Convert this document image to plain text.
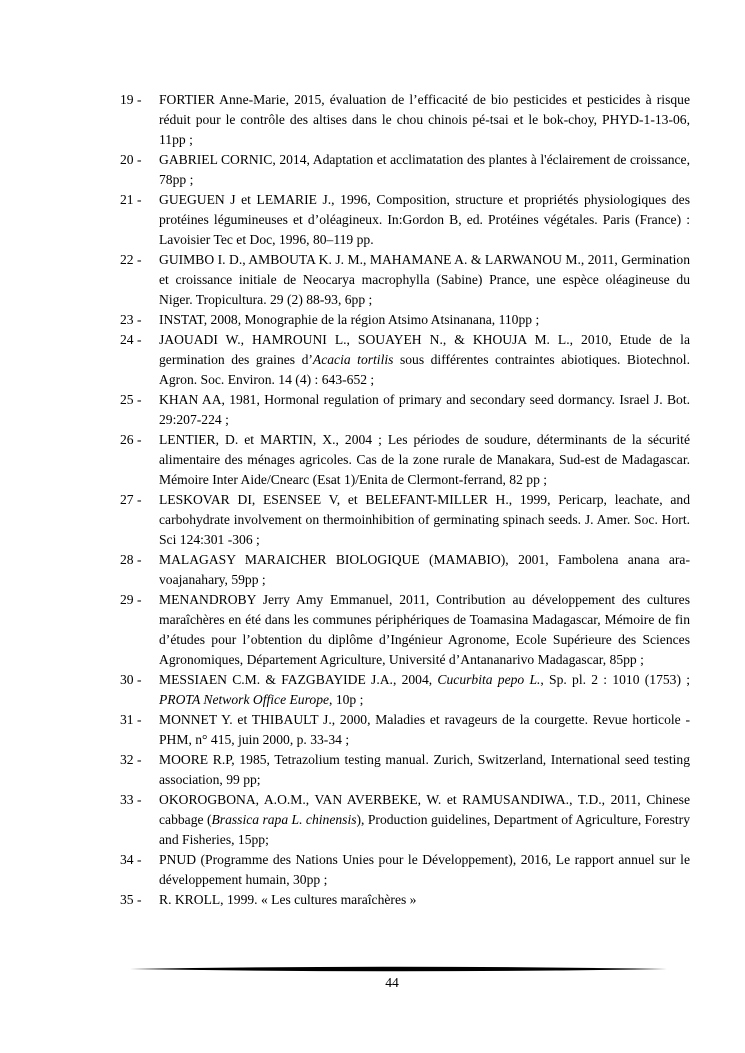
19 - FORTIER Anne-Marie, 2015, évaluation de l’efficacité de bio pesticides et pesticides à risque réduit pour le contrôle des altises dans le chou chinois pé-tsai et le bok-choy, PHYD-1-13-06, 11pp ;
20 - GABRIEL CORNIC, 2014, Adaptation et acclimatation des plantes à l'éclairement de croissance, 78pp ;
21 - GUEGUEN J et LEMARIE J., 1996, Composition, structure et propriétés physiologiques des protéines légumineuses et d’oléagineux. In:Gordon B, ed. Protéines végétales. Paris (France) : Lavoisier Tec et Doc, 1996, 80–119 pp.
22 - GUIMBO I. D., AMBOUTA K. J. M., MAHAMANE A. & LARWANOU M., 2011, Germination et croissance initiale de Neocarya macrophylla (Sabine) Prance, une espèce oléagineuse du Niger. Tropicultura. 29 (2) 88-93, 6pp ;
23 - INSTAT, 2008, Monographie de la région Atsimo Atsinanana, 110pp ;
24 - JAOUADI W., HAMROUNI L., SOUAYEH N., & KHOUJA M. L., 2010, Etude de la germination des graines d’Acacia tortilis sous différentes contraintes abiotiques. Biotechnol. Agron. Soc. Environ. 14 (4) : 643-652 ;
25 - KHAN AA, 1981, Hormonal regulation of primary and secondary seed dormancy. Israel J. Bot. 29:207-224 ;
26 - LENTIER, D. et MARTIN, X., 2004 ; Les périodes de soudure, déterminants de la sécurité alimentaire des ménages agricoles. Cas de la zone rurale de Manakara, Sud-est de Madagascar. Mémoire Inter Aide/Cnearc (Esat 1)/Enita de Clermont-ferrand, 82 pp ;
27 - LESKOVAR DI, ESENSEE V, et BELEFANT-MILLER H., 1999, Pericarp, leachate, and carbohydrate involvement on thermoinhibition of germinating spinach seeds. J. Amer. Soc. Hort. Sci 124:301 -306 ;
28 - MALAGASY MARAICHER BIOLOGIQUE (MAMABIO), 2001, Fambolena anana ara-voajanahary, 59pp ;
29 - MENANDROBY Jerry Amy Emmanuel, 2011, Contribution au développement des cultures maraîchères en été dans les communes périphériques de Toamasina Madagascar, Mémoire de fin d’études pour l’obtention du diplôme d’Ingénieur Agronome, Ecole Supérieure des Sciences Agronomiques, Département Agriculture, Université d’Antananarivo Madagascar, 85pp ;
30 - MESSIAEN C.M. & FAZGBAYIDE J.A., 2004, Cucurbita pepo L., Sp. pl. 2 : 1010 (1753) ; PROTA Network Office Europe, 10p ;
31 - MONNET Y. et THIBAULT J., 2000, Maladies et ravageurs de la courgette. Revue horticole - PHM, n° 415, juin 2000, p. 33-34 ;
32 - MOORE R.P, 1985, Tetrazolium testing manual. Zurich, Switzerland, International seed testing association, 99 pp;
33 - OKOROGBONA, A.O.M., VAN AVERBEKE, W. et RAMUSANDIWA., T.D., 2011, Chinese cabbage (Brassica rapa L. chinensis), Production guidelines, Department of Agriculture, Forestry and Fisheries, 15pp;
34 - PNUD (Programme des Nations Unies pour le Développement), 2016, Le rapport annuel sur le développement humain, 30pp ;
35 - R. KROLL, 1999. « Les cultures maraîchères »
44
